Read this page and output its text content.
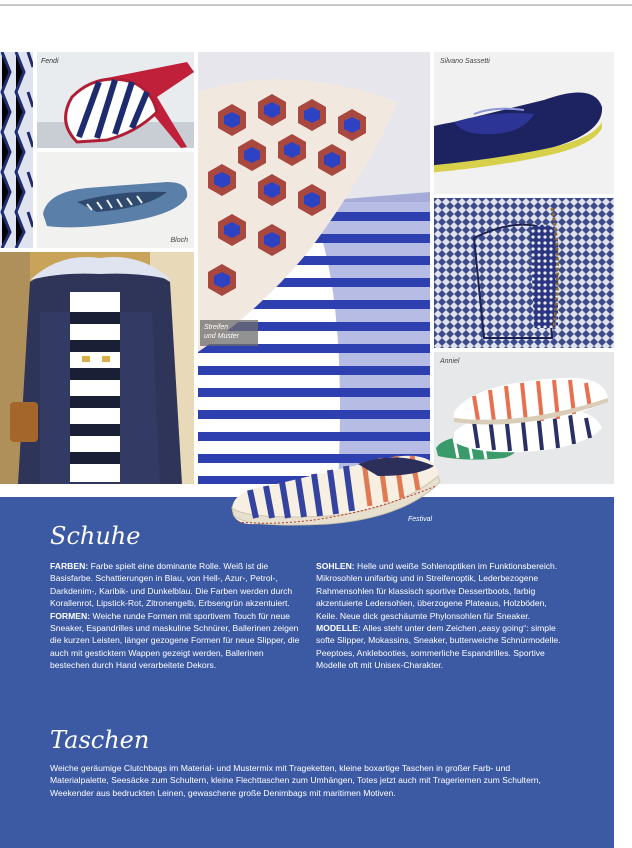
Fendi
Bloch
Streifen
und Muster
Silvano Sassetti
Anniel
Festival
Schuhe

FARBEN: Farbe spielt eine dominante Rolle. Weiß ist die Basisfarbe. Schattierungen in Blau, von Hell-, Azur-, Petrol-, Darkdenim-, Karibik- und Dunkelblau. Die Farben werden durch Korallenrot, Lipstick-Rot, Zitronengelb, Erbsengrün akzentuiert.

FORMEN: Weiche runde Formen mit sportivem Touch für neue Sneaker, Espandrilles und maskuline Schnürer, Ballerinen zeigen die kurzen Leisten, länger gezogene Formen für neue Slipper, die auch mit gesticktem Wappen gezeigt werden, Ballerinen bestechen durch Hand verarbeitete Dekors.

SOHLEN: Helle und weiße Sohlenoptiken im Funktionsbereich. Mikrosohlen unifarbig und in Streifenoptik, Lederbezogene Rahmensohlen für klassisch sportive Dessertboots, farbig akzentuierte Ledersohlen, überzogene Plateaus, Holzböden, Keile. Neue dick geschäumte Phylonsohlen für Sneaker.

MODELLE: Alles steht unter dem Zeichen „easy going“: simple softe Slipper, Mokassins, Sneaker, butterweiche Schnürmodelle. Peeptoes, Anklebooties, sommerliche Espandrilles. Sportive Modelle oft mit Unisex-Charakter.

Taschen

Weiche geräumige Clutchbags im Material- und Mustermix mit Trageketten, kleine boxartige Taschen in großer Farb- und Materialpalette, Seesäcke zum Schultern, kleine Flechttaschen zum Umhängen, Totes jetzt auch mit Trageriemen zum Schultern, Weekender aus bedruckten Leinen, gewaschene große Denimbags mit maritimen Motiven.
